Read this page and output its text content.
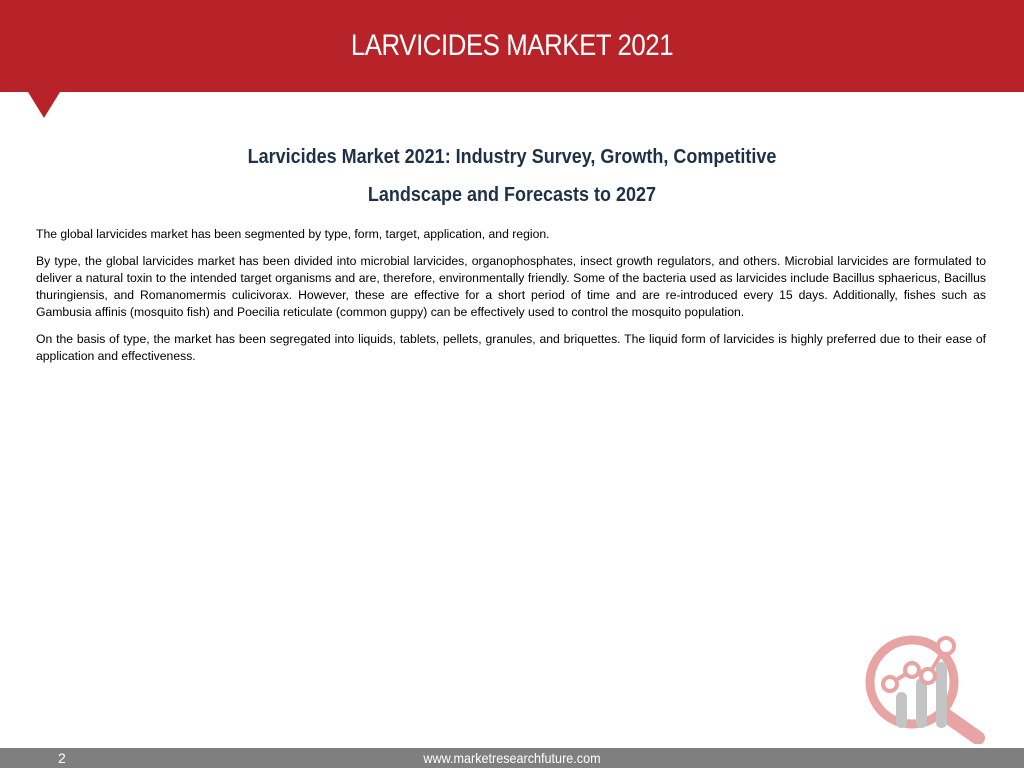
LARVICIDES MARKET 2021
Larvicides Market 2021: Industry Survey, Growth, Competitive
Landscape and Forecasts to 2027

The global larvicides market has been segmented by type, form, target, application, and region.

By type, the global larvicides market has been divided into microbial larvicides, organophosphates, insect growth regulators, and others. Microbial larvicides are formulated to deliver a natural toxin to the intended target organisms and are, therefore, environmentally friendly. Some of the bacteria used as larvicides include Bacillus sphaericus, Bacillus thuringiensis, and Romanomermis culicivorax. However, these are effective for a short period of time and are re-introduced every 15 days. Additionally, fishes such as Gambusia affinis (mosquito fish) and Poecilia reticulate (common guppy) can be effectively used to control the mosquito population.

On the basis of type, the market has been segregated into liquids, tablets, pellets, granules, and briquettes. The liquid form of larvicides is highly preferred due to their ease of application and effectiveness.

2	www.marketresearchfuture.com
